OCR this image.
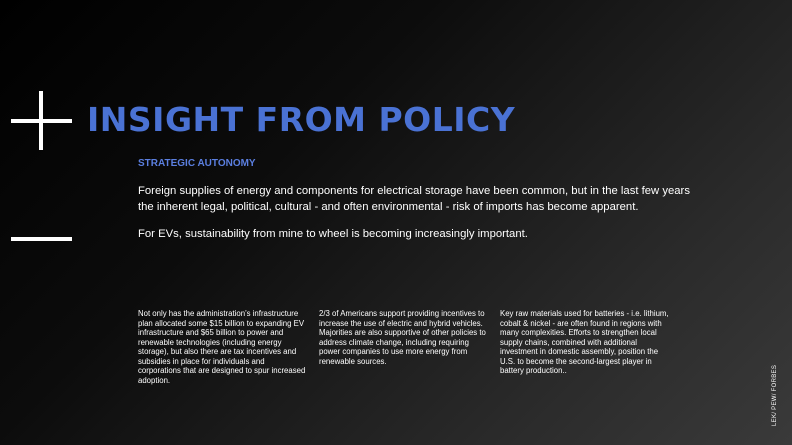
INSIGHT FROM POLICY
STRATEGIC AUTONOMY

Foreign supplies of energy and components for electrical storage have been common, but in the last few years the inherent legal, political, cultural - and often environmental - risk of imports has become apparent.

For EVs, sustainability from mine to wheel is becoming increasingly important.

Not only has the administration’s infrastructure plan allocated some $15 billion to expanding EV infrastructure and $65 billion to power and renewable technologies (including energy storage), but also there are tax incentives and subsidies in place for individuals and corporations that are designed to spur increased adoption.

2/3 of Americans support providing incentives to increase the use of electric and hybrid vehicles. Majorities are also supportive of other policies to address climate change, including requiring power companies to use more energy from renewable sources.

Key raw materials used for batteries - i.e. lithium, cobalt & nickel - are often found in regions with many complexities. Efforts to strengthen local supply chains, combined with additional investment in domestic assembly, position the U.S. to become the second-largest player in battery production..	LEK/ PEW/ FORBES
